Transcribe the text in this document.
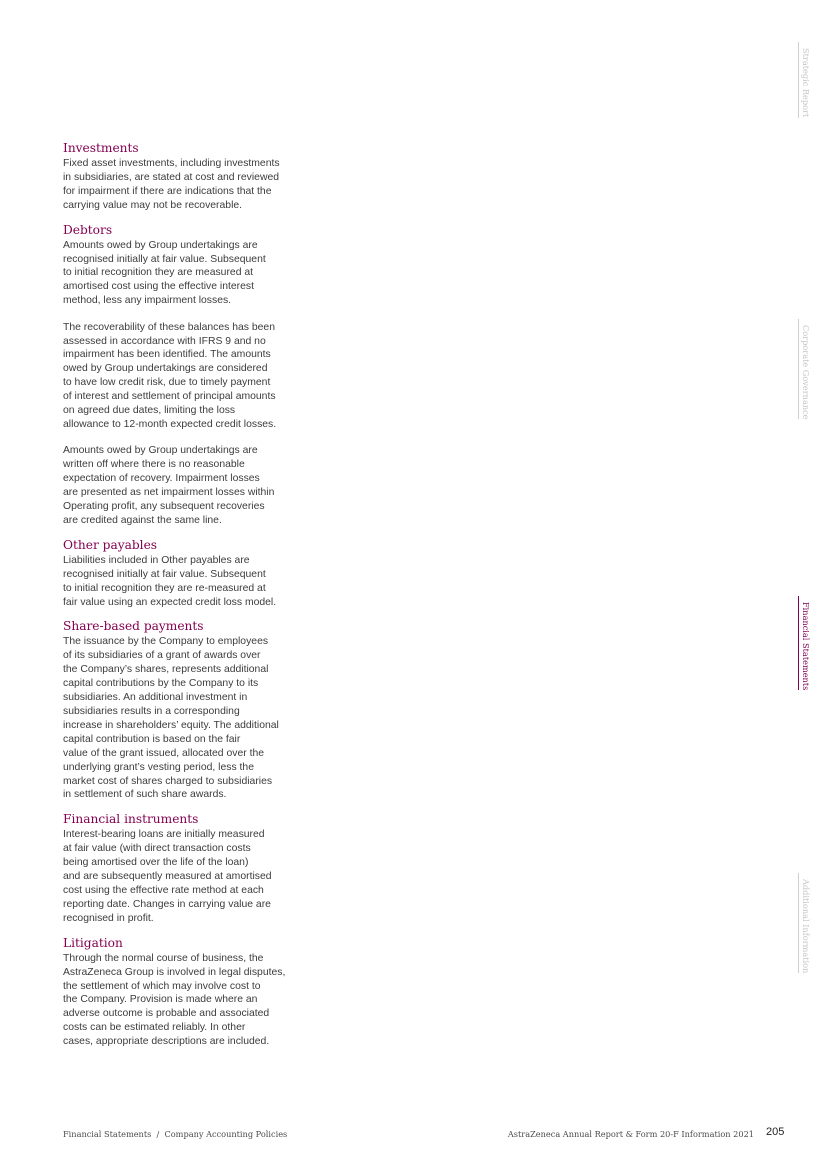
Investments
Fixed asset investments, including investments
in subsidiaries, are stated at cost and reviewed
for impairment if there are indications that the
carrying value may not be recoverable.
Debtors
Amounts owed by Group undertakings are
recognised initially at fair value. Subsequent
to initial recognition they are measured at
amortised cost using the effective interest
method, less any impairment losses.
The recoverability of these balances has been
assessed in accordance with IFRS 9 and no
impairment has been identified. The amounts
owed by Group undertakings are considered
to have low credit risk, due to timely payment
of interest and settlement of principal amounts
on agreed due dates, limiting the loss
allowance to 12-month expected credit losses.
Amounts owed by Group undertakings are
written off where there is no reasonable
expectation of recovery. Impairment losses
are presented as net impairment losses within
Operating profit, any subsequent recoveries
are credited against the same line.
Other payables
Liabilities included in Other payables are
recognised initially at fair value. Subsequent
to initial recognition they are re-measured at
fair value using an expected credit loss model.
Share-based payments
The issuance by the Company to employees
of its subsidiaries of a grant of awards over
the Company’s shares, represents additional
capital contributions by the Company to its
subsidiaries. An additional investment in
subsidiaries results in a corresponding
increase in shareholders’ equity. The additional
capital contribution is based on the fair
value of the grant issued, allocated over the
underlying grant’s vesting period, less the
market cost of shares charged to subsidiaries
in settlement of such share awards.
Financial instruments
Interest-bearing loans are initially measured
at fair value (with direct transaction costs
being amortised over the life of the loan)
and are subsequently measured at amortised
cost using the effective rate method at each
reporting date. Changes in carrying value are
recognised in profit.
Litigation
Through the normal course of business, the
AstraZeneca Group is involved in legal disputes,
the settlement of which may involve cost to
the Company. Provision is made where an
adverse outcome is probable and associated
costs can be estimated reliably. In other
cases, appropriate descriptions are included.
Strategic Report
Corporate Governance
Financial Statements
Additional Information
Financial Statements  /  Company Accounting Policies	AstraZeneca Annual Report & Form 20-F Information 2021 205
